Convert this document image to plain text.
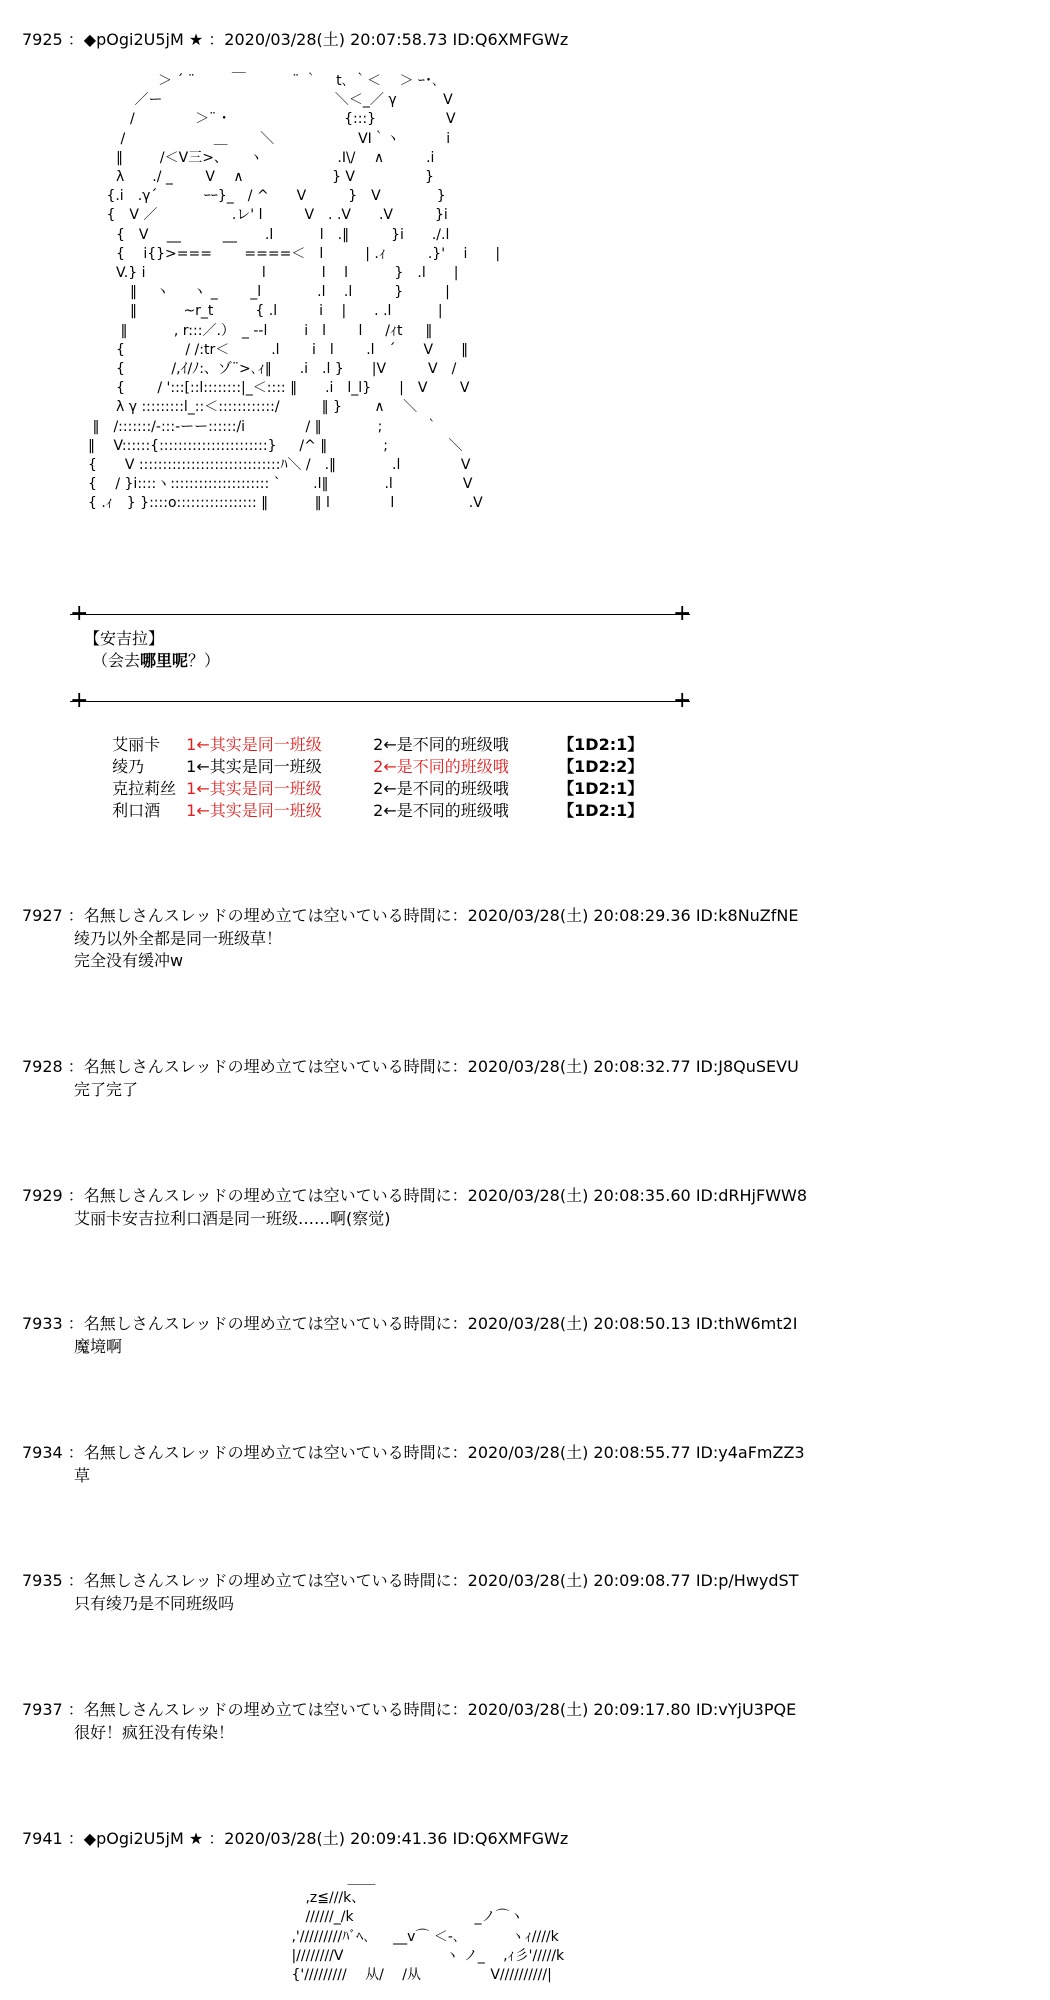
7925 ：◆pOgi2U5jM ★ ：2020/03/28(土) 20:07:58.73 ID:Q6XMFGWz
　　　　　　　＞ ´ ¨　 　 ￣ 　　　¨ ｀ 　t､ ｀＜　 ＞ ｰ･､
　　　　　 ／ー　　　　　　　　　　　　 ＼＜_／ γ 　　　V
　　　　　/ 　　　　＞¨ ･ 　　　　　　　　{:::}　　　　　V
　　　　 /　　　　　　 ＿　　 ＼　　　　　　VI｀ヽ　　　 i
　　　　‖　 　 /＜V三>、　　ヽ　　　　　 .I\/　 ∧　　　.i
　　　　λ　　./ _　 　V 　∧　　　　　　 } V　　　　　}
　　　 {.i　.γ´ 　　　ｰｰ}_　/ ^　　V　　　}　V　　　　}
　　　 {　V ／　　　　　 .レ' l　　　V　. .Ⅴ　　.V　　　}i
　　　　{　V 　__　　　__　　.l 　　　l　.‖　　　}i　　./.l
　　　　{ 　i{}>===　 　====＜　l　　　| .ｨ　　　.}'　 i　　|
　　　　V.} i 　　　　　　　　l　　　　l　 l　　　 }　.l　　|
　　　　　‖ 　ヽ 　 ヽ _ 　　_l　　　　.l　 .l　　　}　　　|
　　　　　‖ 　　　~r_t　　　{ .l　　　i　 |　　. .l　　　 |
　　　　 ‖　　　 , r:::／.）　_ --l 　　 i　l　　 l 　 /ｨt 　 ‖
　　　　{　　　　 / /:tr＜　　　.l　　 i　l　 　.l　´　　V　　‖
　　　　{ 　　　/,ｲ/ﾉ:、ゾ¨>､ｨ‖　　.i　.l }　　|V　　　V　/
　　　　{ 　　/ ':::[::l::::::::|_＜:::: ‖　　.i　l_l}　　|　V　　 V
　　　　λ γ :::::::::l_::＜::::::::::::/　　　‖ }　　 ∧　 ＼
　　 ‖　/:::::::/-:::-ーー::::::/i 　　　　/ ‖　　　　;　　　｀
　　‖　 V::::::{:::::::::::::::::::::::} 　 /^ ‖　　　　;　 　　　＼
　　{　　V ::::::::::::::::::::::::::::::ﾊ＼ /　.‖　　　　.l 　　　　V
　　{　 / }i::::ヽ::::::::::::::::::::: ` 　　.l‖　　　　.l　　　　　V
　　{ .ｨ　} }::::o::::::::::::::::: ‖　　　 ‖ l　　　　 l　　　　　 .V
+	+
【安吉拉】
（会去哪里呢？）
+	+

艾丽卡 1←其实是同一班级	2←是不同的班级哦	【1D2:1】

绫乃	1←其实是同一班级	2←是不同的班级哦	【1D2:2】

克拉莉丝 1←其实是同一班级	2←是不同的班级哦	【1D2:1】

利口酒 1←其实是同一班级	2←是不同的班级哦	【1D2:1】

7927 ：名無しさんスレッドの埋め立ては空いている時間に：2020/03/28(土) 20:08:29.36 ID:k8NuZfNE
绫乃以外全都是同一班级草！
完全没有缓冲w
7928 ：名無しさんスレッドの埋め立ては空いている時間に：2020/03/28(土) 20:08:32.77 ID:J8QuSEVU
完了完了
7929 ：名無しさんスレッドの埋め立ては空いている時間に：2020/03/28(土) 20:08:35.60 ID:dRHjFWW8
艾丽卡安吉拉利口酒是同一班级……啊(察觉)
7933 ：名無しさんスレッドの埋め立ては空いている時間に：2020/03/28(土) 20:08:50.13 ID:thW6mt2I
魔境啊
7934 ：名無しさんスレッドの埋め立ては空いている時間に：2020/03/28(土) 20:08:55.77 ID:y4aFmZZ3
草
7935 ：名無しさんスレッドの埋め立ては空いている時間に：2020/03/28(土) 20:09:08.77 ID:p/HwydST
只有绫乃是不同班级吗
7937 ：名無しさんスレッドの埋め立ては空いている時間に：2020/03/28(土) 20:09:17.80 ID:vYjU3PQE
很好！疯狂没有传染！
7941 ：◆pOgi2U5jM ★ ：2020/03/28(土) 20:09:41.36 ID:Q6XMFGWz
　　　　　　　　　　　　 ＿＿
　　　　　　　　　 ,z≦///k、
　　　　　　　　　 //////_/k 　　　　　　　　 _ノ⌒ヽ
　　　　　　　　 ,'/////////ﾊﾞﾍ､ 　 __v⌒ ＜-､ 　　　 ヽｨ////k
　　　　　　　　 |////////V　 　　　 　 　 ヽ ノ_　 ,ｨ彡'/////k
　　　　　　　　 {'/////////　 从/　 /从 　　　 　 V//////////|
